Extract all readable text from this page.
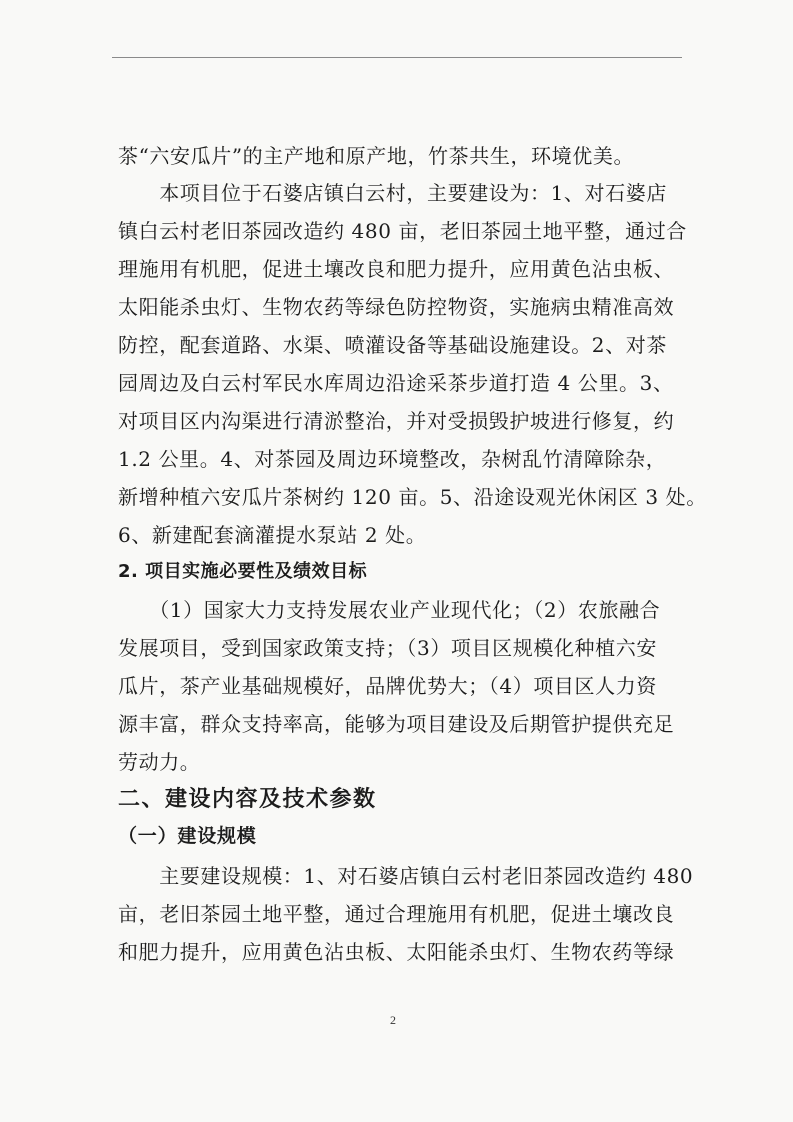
茶“六安瓜片”的主产地和原产地，竹茶共生，环境优美。
　　本项目位于石婆店镇白云村，主要建设为：1、对石婆店
镇白云村老旧茶园改造约 480 亩，老旧茶园土地平整，通过合
理施用有机肥，促进土壤改良和肥力提升，应用黄色沾虫板、
太阳能杀虫灯、生物农药等绿色防控物资，实施病虫精准高效
防控，配套道路、水渠、喷灌设备等基础设施建设。2、对茶
园周边及白云村军民水库周边沿途采茶步道打造 4 公里。3、
对项目区内沟渠进行清淤整治，并对受损毁护坡进行修复，约
1.2 公里。4、对茶园及周边环境整改，杂树乱竹清障除杂，
新增种植六安瓜片茶树约 120 亩。5、沿途设观光休闲区 3 处。
6、新建配套滴灌提水泵站 2 处。
2. 项目实施必要性及绩效目标
　　（1）国家大力支持发展农业产业现代化；（2）农旅融合
发展项目，受到国家政策支持；（3）项目区规模化种植六安
瓜片，茶产业基础规模好，品牌优势大；（4）项目区人力资
源丰富，群众支持率高，能够为项目建设及后期管护提供充足
劳动力。
二、建设内容及技术参数
（一）建设规模
　　主要建设规模：1、对石婆店镇白云村老旧茶园改造约 480
亩，老旧茶园土地平整，通过合理施用有机肥，促进土壤改良
和肥力提升，应用黄色沾虫板、太阳能杀虫灯、生物农药等绿
2
